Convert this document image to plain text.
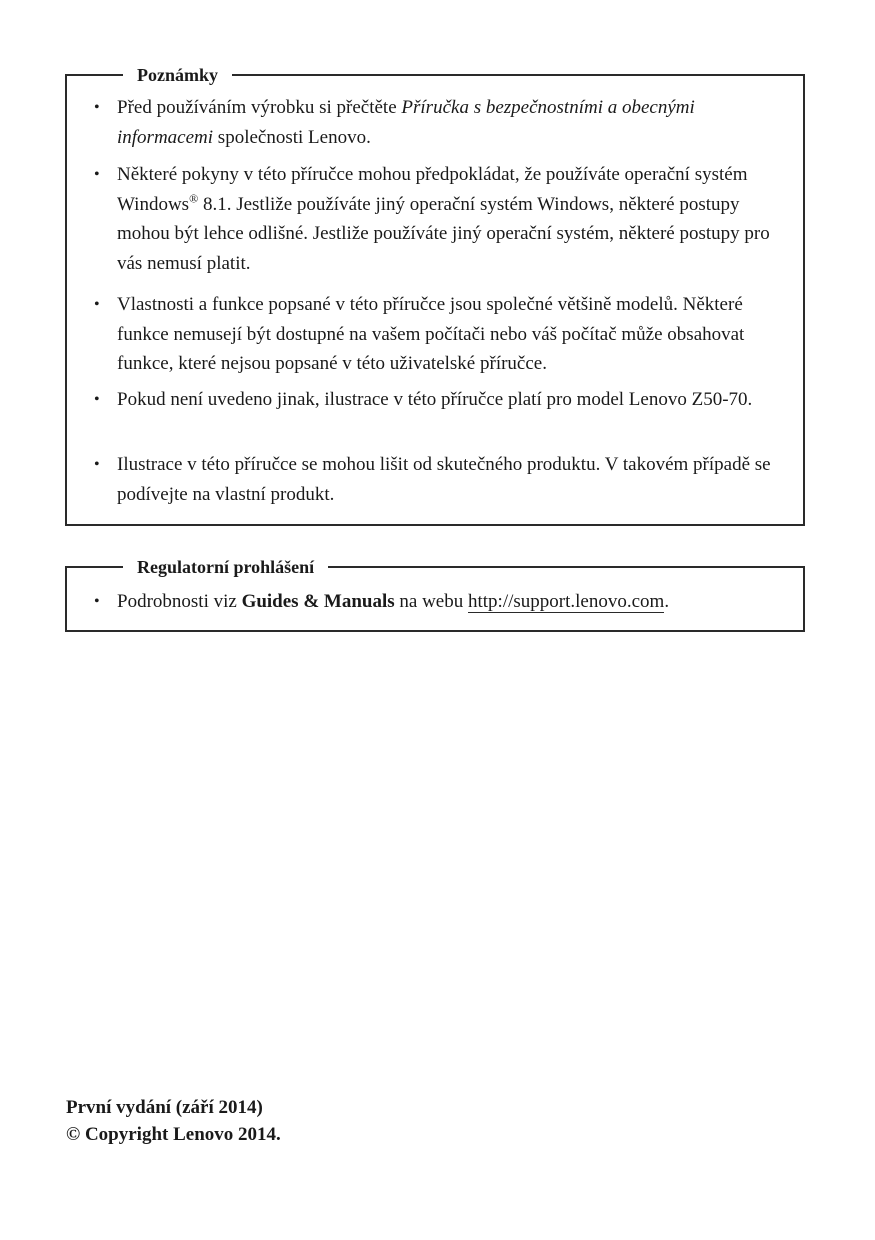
Poznámky
• Před používáním výrobku si přečtěte Příručka s bezpečnostními a obecnými informacemi společnosti Lenovo.
• Některé pokyny v této příručce mohou předpokládat, že používáte operační systém Windows® 8.1. Jestliže používáte jiný operační systém Windows, některé postupy mohou být lehce odlišné. Jestliže používáte jiný operační systém, některé postupy pro vás nemusí platit.
• Vlastnosti a funkce popsané v této příručce jsou společné většině modelů. Některé funkce nemusejí být dostupné na vašem počítači nebo váš počítač může obsahovat funkce, které nejsou popsané v této uživatelské příručce.
• Pokud není uvedeno jinak, ilustrace v této příručce platí pro model Lenovo Z50-70.
• Ilustrace v této příručce se mohou lišit od skutečného produktu. V takovém případě se podívejte na vlastní produkt.
Regulatorní prohlášení
• Podrobnosti viz Guides & Manuals na webu http://support.lenovo.com.
První vydání (září 2014)
© Copyright Lenovo 2014.
